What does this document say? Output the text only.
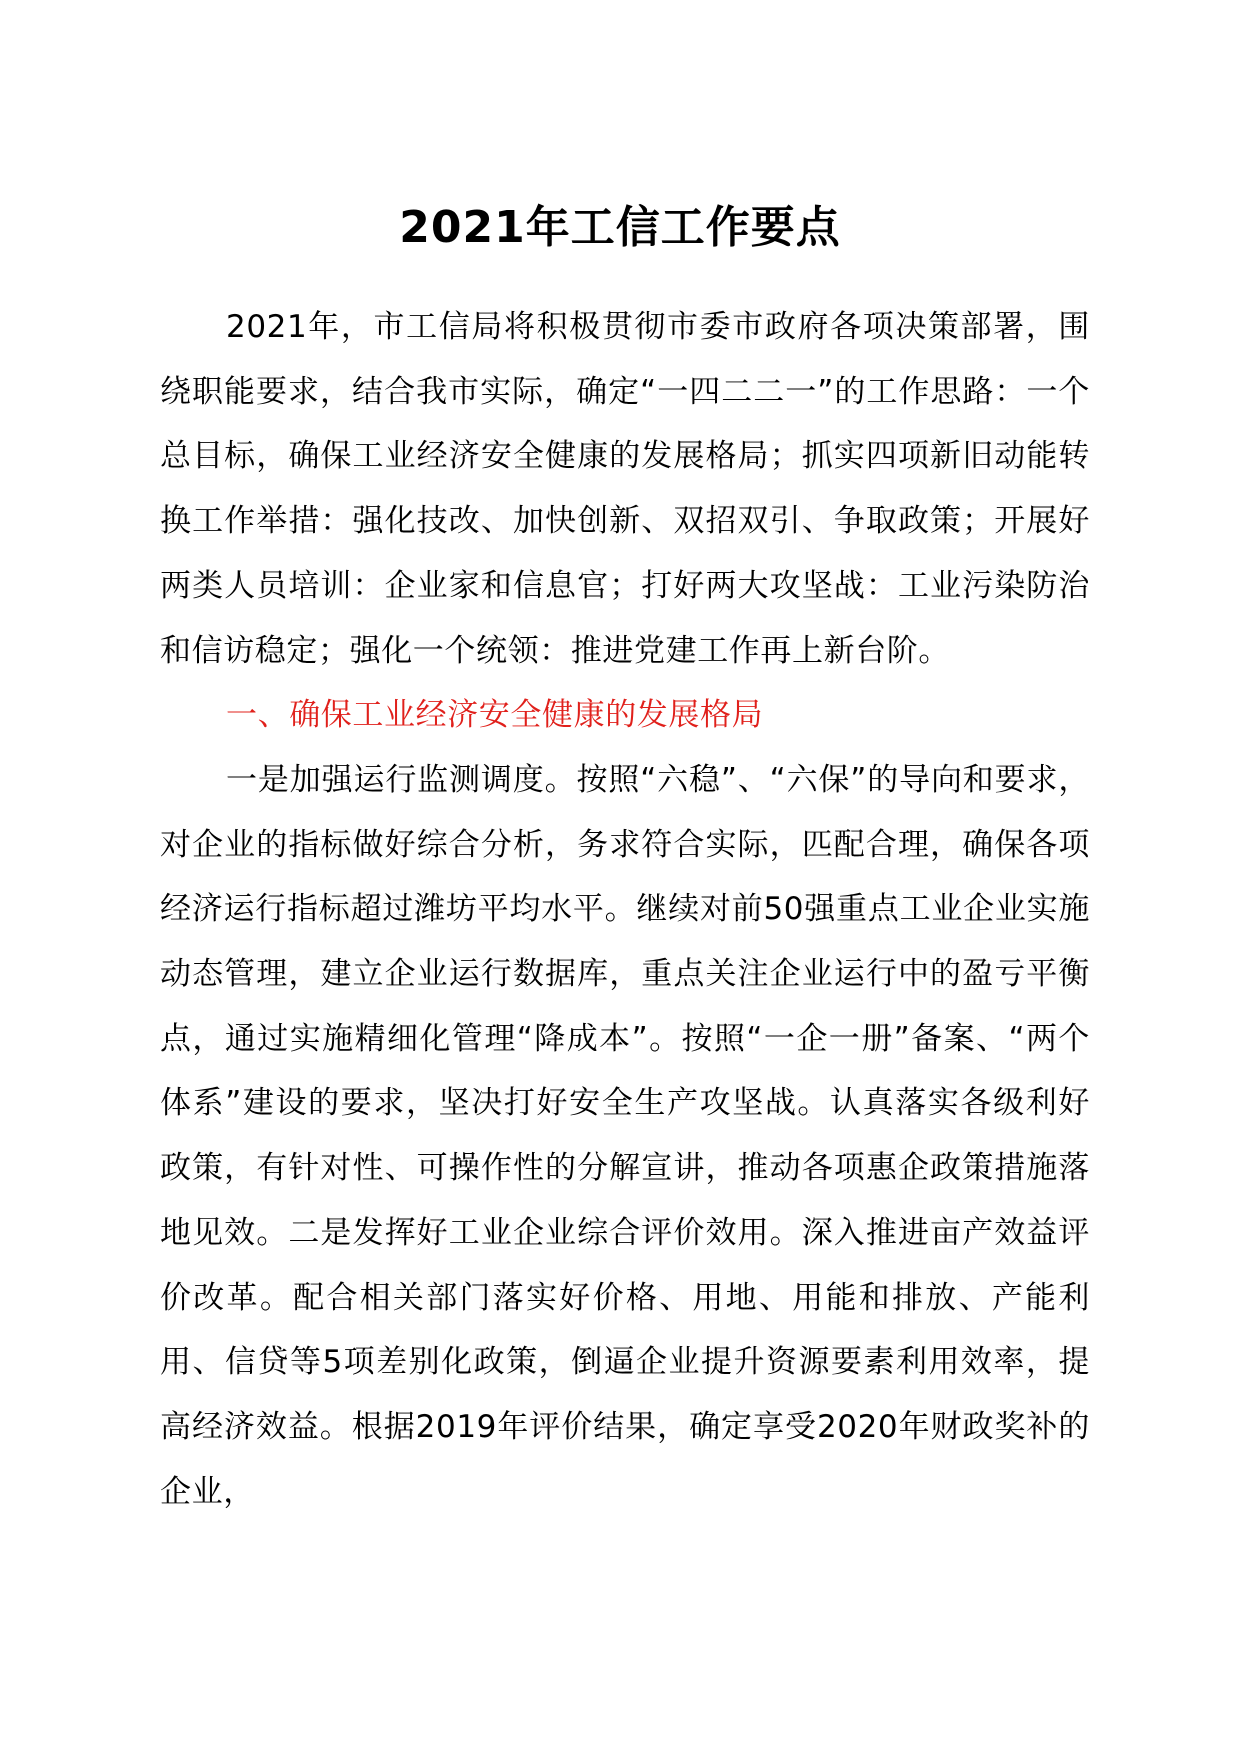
2021年工信工作要点

2021年，市工信局将积极贯彻市委市政府各项决策部署，围绕职能要求，结合我市实际，确定“一四二二一”的工作思路：一个总目标，确保工业经济安全健康的发展格局；抓实四项新旧动能转换工作举措：强化技改、加快创新、双招双引、争取政策；开展好两类人员培训：企业家和信息官；打好两大攻坚战：工业污染防治和信访稳定；强化一个统领：推进党建工作再上新台阶。

一、确保工业经济安全健康的发展格局

一是加强运行监测调度。按照“六稳”、“六保”的导向和要求，对企业的指标做好综合分析，务求符合实际，匹配合理，确保各项经济运行指标超过潍坊平均水平。继续对前50强重点工业企业实施动态管理，建立企业运行数据库，重点关注企业运行中的盈亏平衡点，通过实施精细化管理“降成本”。按照“一企一册”备案、“两个体系”建设的要求，坚决打好安全生产攻坚战。认真落实各级利好政策，有针对性、可操作性的分解宣讲，推动各项惠企政策措施落地见效。二是发挥好工业企业综合评价效用。深入推进亩产效益评价改革。配合相关部门落实好价格、用地、用能和排放、产能利用、信贷等5项差别化政策，倒逼企业提升资源要素利用效率，提高经济效益。根据2019年评价结果，确定享受2020年财政奖补的企业，
